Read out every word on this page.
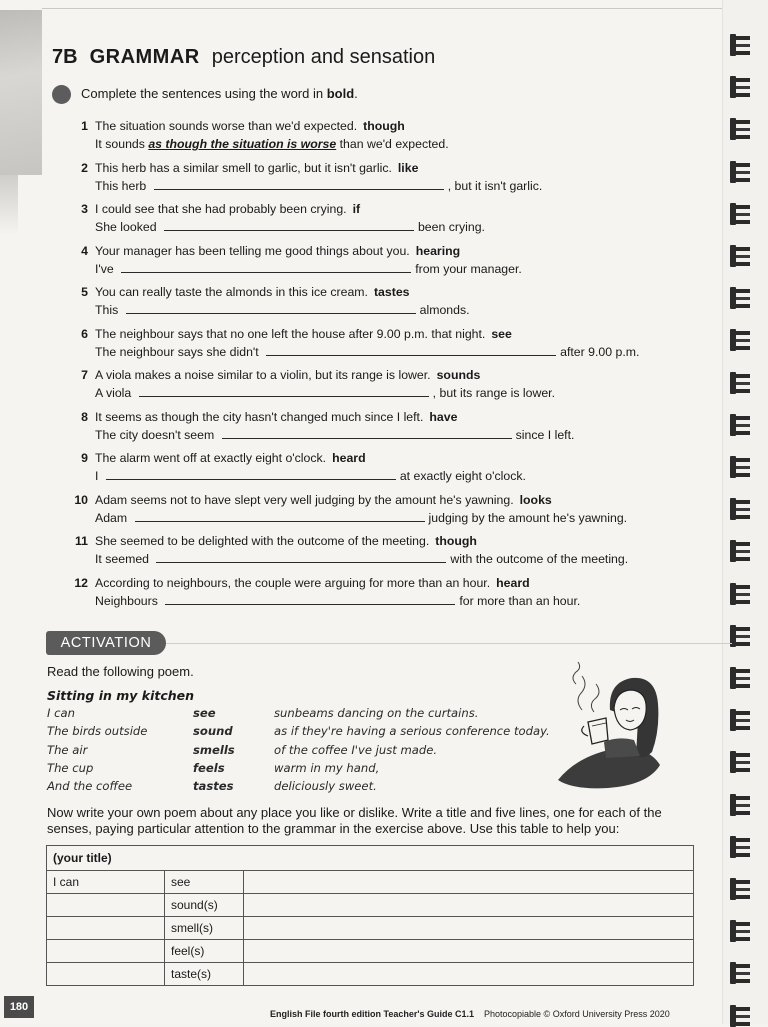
7B GRAMMAR perception and sensation
Complete the sentences using the word in bold.
1 The situation sounds worse than we'd expected. though
It sounds as though the situation is worse than we'd expected.
2 This herb has a similar smell to garlic, but it isn't garlic. like
This herb	, but it isn't garlic.
3 I could see that she had probably been crying. if
She looked	been crying.
4 Your manager has been telling me good things about you. hearing
I've	from your manager.
5 You can really taste the almonds in this ice cream. tastes
This	almonds.
6 The neighbour says that no one left the house after 9.00 p.m. that night. see
The neighbour says she didn't	after 9.00 p.m.
7 A viola makes a noise similar to a violin, but its range is lower. sounds
A viola	, but its range is lower.
8 It seems as though the city hasn't changed much since I left. have
The city doesn't seem	since I left.
9 The alarm went off at exactly eight o'clock. heard
I	at exactly eight o'clock.
10 Adam seems not to have slept very well judging by the amount he's yawning. looks
Adam	judging by the amount he's yawning.
11 She seemed to be delighted with the outcome of the meeting. though
It seemed	with the outcome of the meeting.
12 According to neighbours, the couple were arguing for more than an hour. heard
Neighbours	for more than an hour.
ACTIVATION
Read the following poem.
Sitting in my kitchen
I can	see	sunbeams dancing on the curtains.
The birds outside	sound	as if they're having a serious conference today.
The air	smells	of the coffee I've just made.
The cup	feels	warm in my hand,
And the coffee	tastes	deliciously sweet.
Now write your own poem about any place you like or dislike. Write a title and five lines, one for each of the senses, paying particular attention to the grammar in the exercise above. Use this table to help you:
(your title)		
I can	see	
	sound(s)	
	smell(s)	
	feel(s)	
	taste(s)	
180
English File fourth edition Teacher's Guide C1.1 Photocopiable © Oxford University Press 2020
